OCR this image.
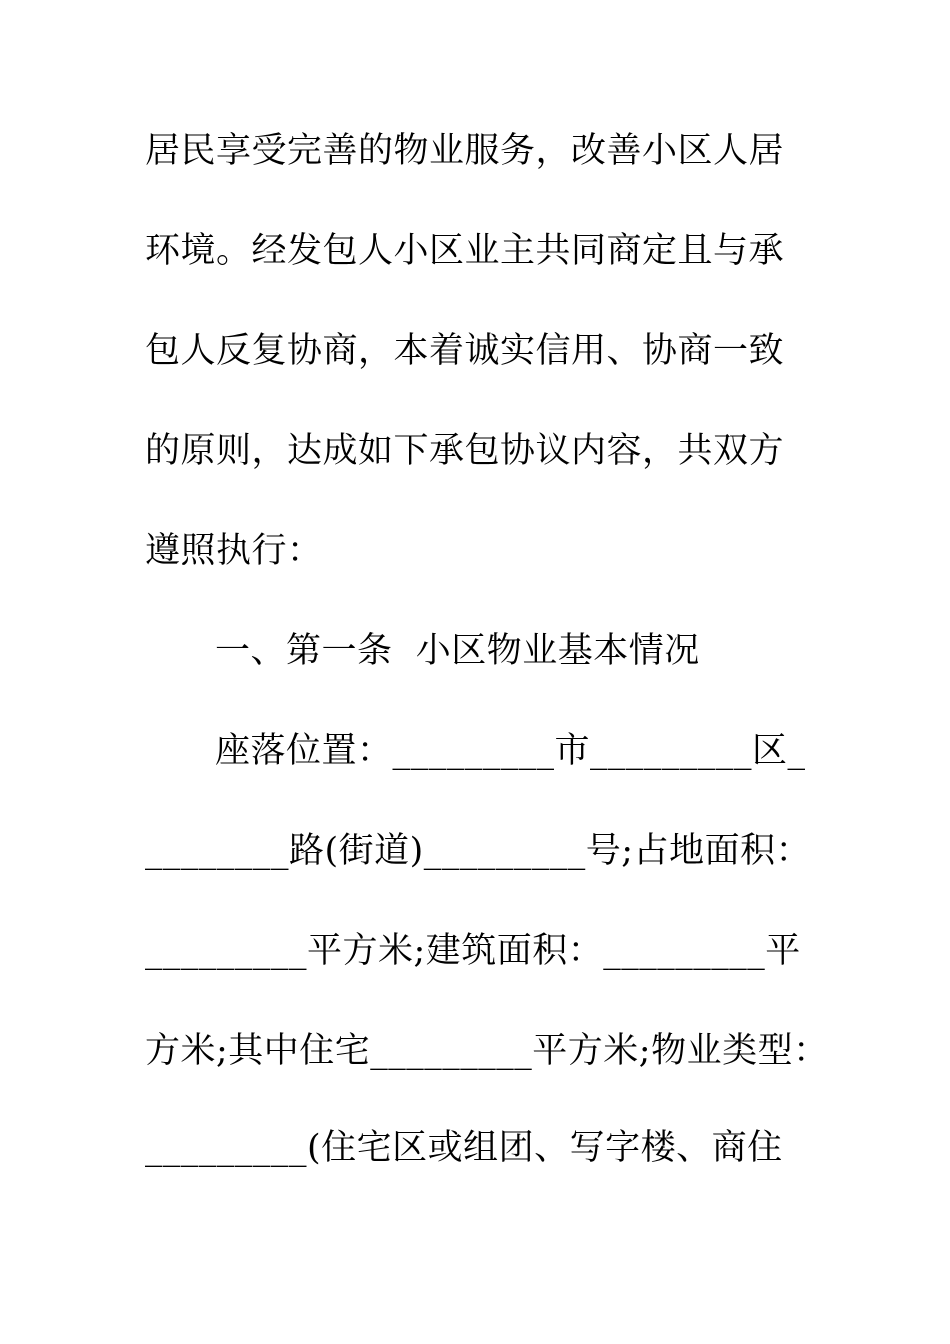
居民享受完善的物业服务，改善小区人居
环境。经发包人小区业主共同商定且与承
包人反复协商，本着诚实信用、协商一致
的原则，达成如下承包协议内容，共双方
遵照执行：
一、第一条  小区物业基本情况
座落位置：_________市_________区_
________路(街道)_________号;占地面积：
_________平方米;建筑面积：_________平
方米;其中住宅_________平方米;物业类型：
_________(住宅区或组团、写字楼、商住
